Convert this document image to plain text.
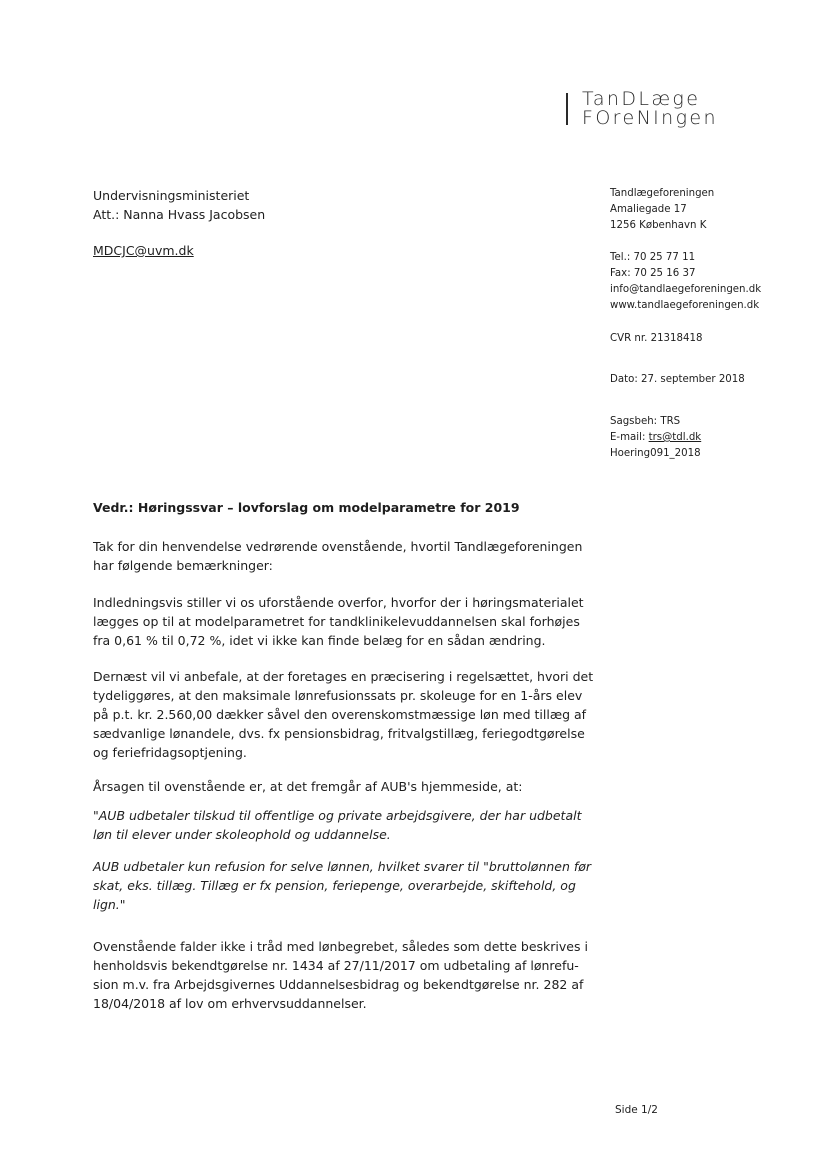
TanDLæge
FOreNIngen
Undervisningsministeriet
Att.: Nanna Hvass Jacobsen
MDCJC@uvm.dk
Tandlægeforeningen
Amaliegade 17
1256 København K
Tel.: 70 25 77 11
Fax: 70 25 16 37
info@tandlaegeforeningen.dk
www.tandlaegeforeningen.dk
CVR nr. 21318418
Dato: 27. september 2018
Sagsbeh: TRS
E-mail: trs@tdl.dk
Hoering091_2018
Vedr.: Høringssvar – lovforslag om modelparametre for 2019
Tak for din henvendelse vedrørende ovenstående, hvortil Tandlægeforeningen
har følgende bemærkninger:
Indledningsvis stiller vi os uforstående overfor, hvorfor der i høringsmaterialet
lægges op til at modelparametret for tandklinikelevuddannelsen skal forhøjes
fra 0,61 % til 0,72 %, idet vi ikke kan finde belæg for en sådan ændring.
Dernæst vil vi anbefale, at der foretages en præcisering i regelsættet, hvori det
tydeliggøres, at den maksimale lønrefusionssats pr. skoleuge for en 1-års elev
på p.t. kr. 2.560,00 dækker såvel den overenskomstmæssige løn med tillæg af
sædvanlige lønandele, dvs. fx pensionsbidrag, fritvalgstillæg, feriegodtgørelse
og feriefridagsoptjening.
Årsagen til ovenstående er, at det fremgår af AUB's hjemmeside, at:
"AUB udbetaler tilskud til offentlige og private arbejdsgivere, der har udbetalt
løn til elever under skoleophold og uddannelse.
AUB udbetaler kun refusion for selve lønnen, hvilket svarer til "bruttolønnen før
skat, eks. tillæg. Tillæg er fx pension, feriepenge, overarbejde, skiftehold, og
lign."
Ovenstående falder ikke i tråd med lønbegrebet, således som dette beskrives i
henholdsvis bekendtgørelse nr. 1434 af 27/11/2017 om udbetaling af lønrefu-
sion m.v. fra Arbejdsgivernes Uddannelsesbidrag og bekendtgørelse nr. 282 af
18/04/2018 af lov om erhvervsuddannelser.
Side 1/2
